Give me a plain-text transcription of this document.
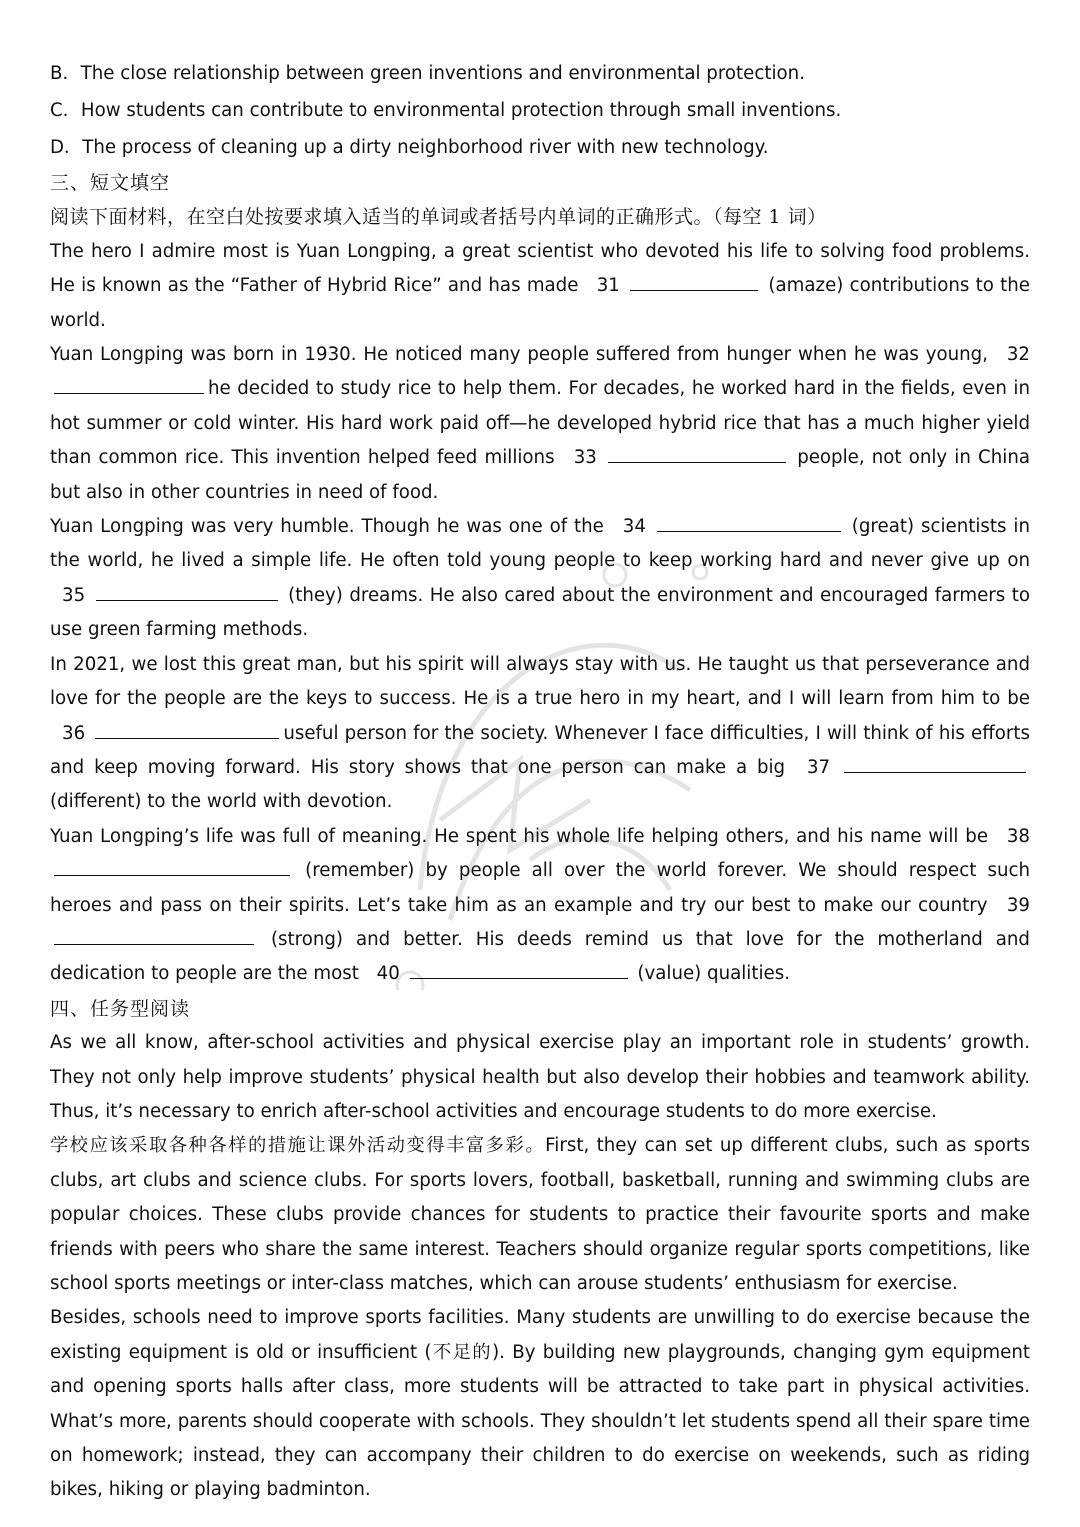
B．The close relationship between green inventions and environmental protection.
C．How students can contribute to environmental protection through small inventions.
D．The process of cleaning up a dirty neighborhood river with new technology.
三、短文填空
阅读下面材料，在空白处按要求填入适当的单词或者括号内单词的正确形式。（每空 1 词）
The hero I admire most is Yuan Longping, a great scientist who devoted his life to solving food problems. He is known as the “Father of Hybrid Rice” and has made 31	(amaze) contributions to the world.
Yuan Longping was born in 1930. He noticed many people suffered from hunger when he was young, 32 he decided to study rice to help them. For decades, he worked hard in the fields, even in hot summer or cold winter. His hard work paid off—he developed hybrid rice that has a much higher yield than common rice. This invention helped feed millions 33	people, not only in China but also in other countries in need of food.
Yuan Longping was very humble. Though he was one of the 34	(great) scientists in the world, he lived a simple life. He often told young people to keep working hard and never give up on 35	(they) dreams. He also cared about the environment and encouraged farmers to use green farming methods.
In 2021, we lost this great man, but his spirit will always stay with us. He taught us that perseverance and love for the people are the keys to success. He is a true hero in my heart, and I will learn from him to be 36	useful person for the society. Whenever I face difficulties, I will think of his efforts and keep moving forward. His story shows that one person can make a big 37  (different) to the world with devotion.
Yuan Longping’s life was full of meaning. He spent his whole life helping others, and his name will be 38  (remember) by people all over the world forever. We should respect such heroes and pass on their spirits. Let’s take him as an example and try our best to make our country 39  (strong) and better. His deeds remind us that love for the motherland and dedication to people are the most 40	(value) qualities.
四、任务型阅读
As we all know, after-school activities and physical exercise play an important role in students’ growth. They not only help improve students’ physical health but also develop their hobbies and teamwork ability. Thus, it’s necessary to enrich after-school activities and encourage students to do more exercise.
学校应该采取各种各样的措施让课外活动变得丰富多彩。First, they can set up different clubs, such as sports clubs, art clubs and science clubs. For sports lovers, football, basketball, running and swimming clubs are popular choices. These clubs provide chances for students to practice their favourite sports and make friends with peers who share the same interest. Teachers should organize regular sports competitions, like school sports meetings or inter-class matches, which can arouse students’ enthusiasm for exercise.
Besides, schools need to improve sports facilities. Many students are unwilling to do exercise because the existing equipment is old or insufficient (不足的). By building new playgrounds, changing gym equipment and opening sports halls after class, more students will be attracted to take part in physical activities. What’s more, parents should cooperate with schools. They shouldn’t let students spend all their spare time on homework; instead, they can accompany their children to do exercise on weekends, such as riding bikes, hiking or playing badminton.
